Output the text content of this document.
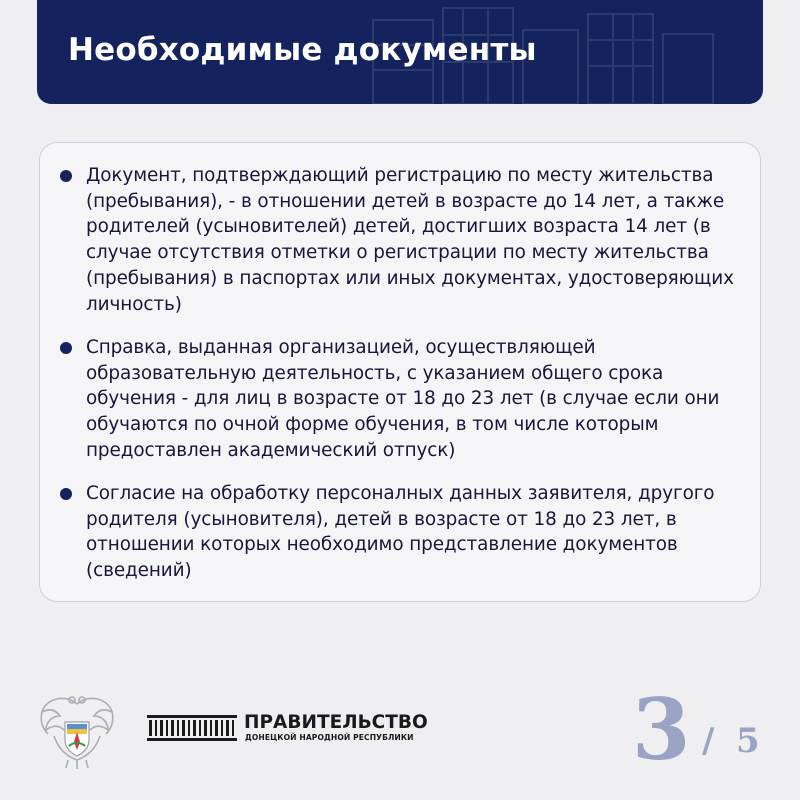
Необходимые документы
Документ, подтверждающий регистрацию по месту жительства (пребывания), - в отношении детей в возрасте до 14 лет, а также родителей (усыновителей) детей, достигших возраста 14 лет (в случае отсутствия отметки о регистрации по месту жительства (пребывания) в паспортах или иных документах, удостоверяющих личность)
Справка, выданная организацией, осуществляющей образовательную деятельность, с указанием общего срока обучения - для лиц в возрасте от 18 до 23 лет (в случае если они обучаются по очной форме обучения, в том числе которым предоставлен академический отпуск)
Согласие на обработку персоналных данных заявителя, другого родителя (усыновителя), детей в возрасте от 18 до 23 лет, в отношении которых необходимо представление документов (сведений)
ПРАВИТЕЛЬСТВО
ДОНЕЦКОЙ НАРОДНОЙ РЕСПУБЛИКИ	3 / 5
